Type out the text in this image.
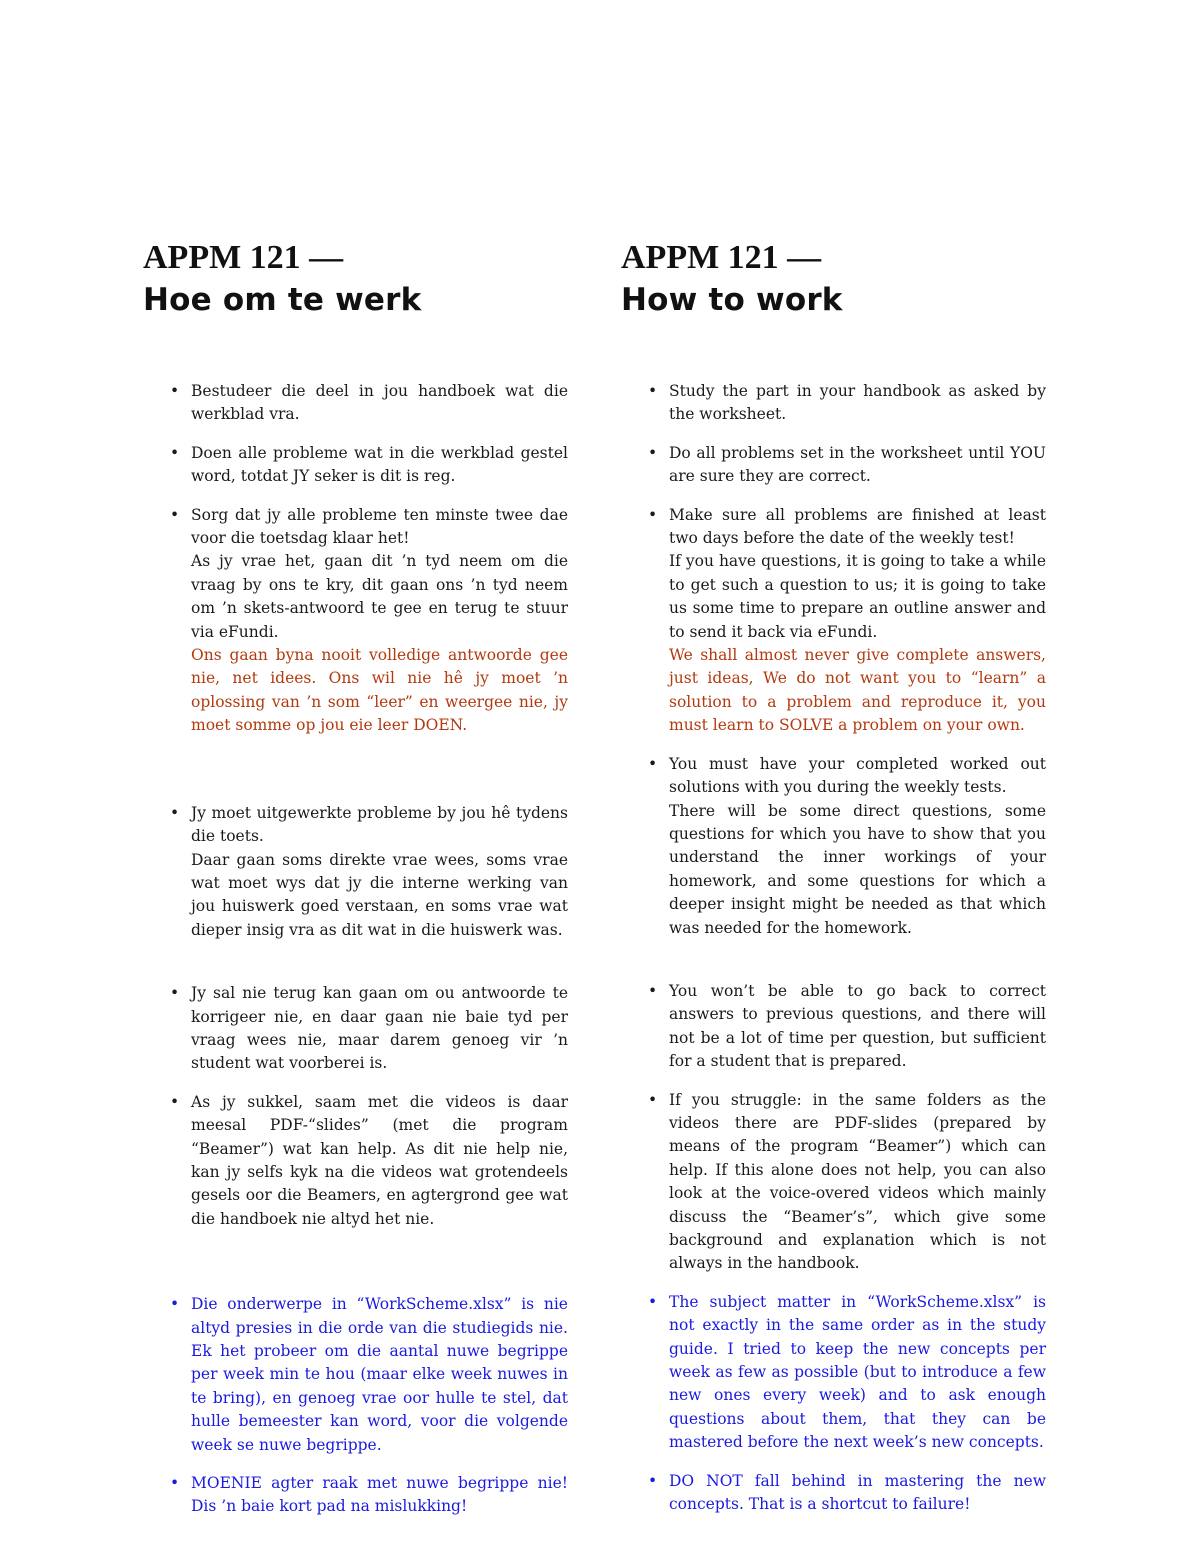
APPM 121 —
Hoe om te werk
• Bestudeer die deel in jou handboek wat die werkblad vra.
• Doen alle probleme wat in die werkblad gestel word, totdat JY seker is dit is reg.
• Sorg dat jy alle probleme ten minste twee dae voor die toetsdag klaar het!
As jy vrae het, gaan dit ’n tyd neem om die vraag by ons te kry, dit gaan ons ’n tyd neem om ’n skets-antwoord te gee en terug te stuur via eFundi.
Ons gaan byna nooit volledige antwoorde gee nie, net idees. Ons wil nie hê jy moet ’n oplossing van ’n som “leer” en weergee nie, jy moet somme op jou eie leer DOEN.
• Jy moet uitgewerkte probleme by jou hê tydens die toets.
Daar gaan soms direkte vrae wees, soms vrae wat moet wys dat jy die interne werking van jou huiswerk goed verstaan, en soms vrae wat dieper insig vra as dit wat in die huiswerk was.
• Jy sal nie terug kan gaan om ou antwoorde te korrigeer nie, en daar gaan nie baie tyd per vraag wees nie, maar darem genoeg vir ’n student wat voorberei is.
• As jy sukkel, saam met die videos is daar meesal PDF-“slides” (met die program “Beamer”) wat kan help. As dit nie help nie, kan jy selfs kyk na die videos wat grotendeels gesels oor die Beamers, en agtergrond gee wat die handboek nie altyd het nie.
• Die onderwerpe in “WorkScheme.xlsx” is nie altyd presies in die orde van die studiegids nie. Ek het probeer om die aantal nuwe begrippe per week min te hou (maar elke week nuwes in te bring), en genoeg vrae oor hulle te stel, dat hulle bemeester kan word, voor die volgende week se nuwe begrippe.
• MOENIE agter raak met nuwe begrippe nie! Dis ’n baie kort pad na mislukking!
APPM 121 —
How to work
• Study the part in your handbook as asked by the worksheet.
• Do all problems set in the worksheet until YOU are sure they are correct.
• Make sure all problems are finished at least two days before the date of the weekly test!
If you have questions, it is going to take a while to get such a question to us; it is going to take us some time to prepare an outline answer and to send it back via eFundi.
We shall almost never give complete answers, just ideas, We do not want you to “learn” a solution to a problem and reproduce it, you must learn to SOLVE a problem on your own.
• You must have your completed worked out solutions with you during the weekly tests.
There will be some direct questions, some questions for which you have to show that you understand the inner workings of your homework, and some questions for which a deeper insight might be needed as that which was needed for the homework.
• You won’t be able to go back to correct answers to previous questions, and there will not be a lot of time per question, but sufficient for a student that is prepared.
• If you struggle: in the same folders as the videos there are PDF-slides (prepared by means of the program “Beamer”) which can help. If this alone does not help, you can also look at the voice-overed videos which mainly discuss the “Beamer’s”, which give some background and explanation which is not always in the handbook.
• The subject matter in “WorkScheme.xlsx” is not exactly in the same order as in the study guide. I tried to keep the new concepts per week as few as possible (but to introduce a few new ones every week) and to ask enough questions about them, that they can be mastered before the next week’s new concepts.
• DO NOT fall behind in mastering the new concepts. That is a shortcut to failure!
